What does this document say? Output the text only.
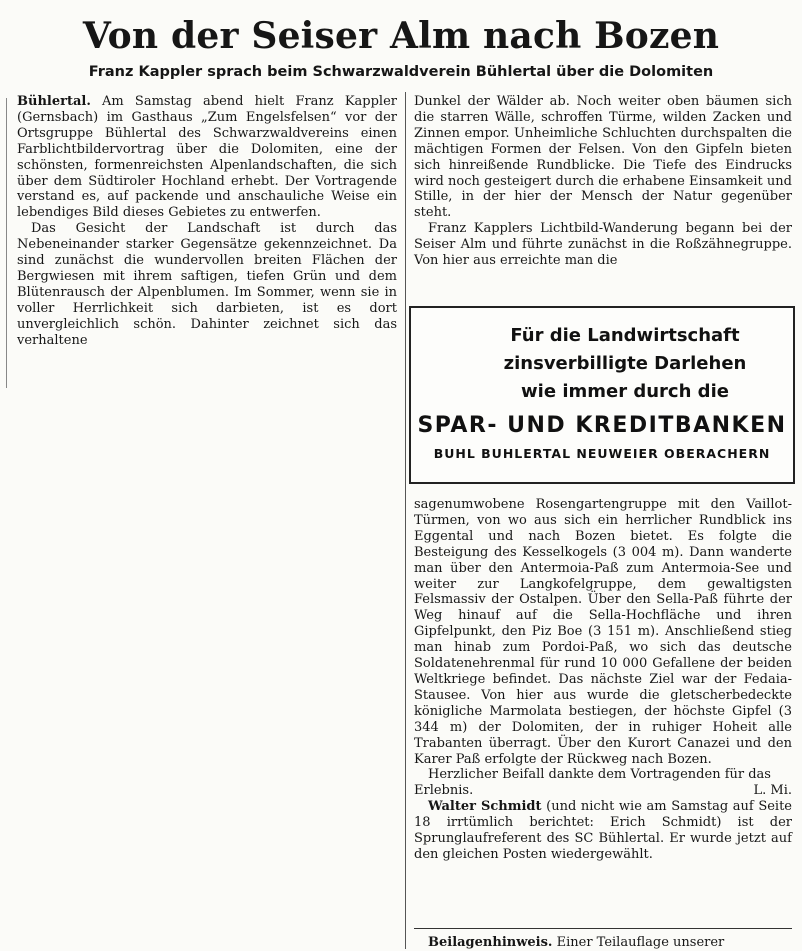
Von der Seiser Alm nach Bozen
Franz Kappler sprach beim Schwarzwaldverein Bühlertal über die Dolomiten

Bühlertal. Am Samstag abend hielt Franz Kappler (Gernsbach) im Gasthaus „Zum Engelsfelsen“ vor der Ortsgruppe Bühlertal des Schwarzwaldvereins einen Farblichtbildervortrag über die Dolomiten, eine der schönsten, formenreichsten Alpenlandschaften, die sich über dem Südtiroler Hochland erhebt. Der Vortragende verstand es, auf packende und anschauliche Weise ein lebendiges Bild dieses Gebietes zu entwerfen.

Das Gesicht der Landschaft ist durch das Nebeneinander starker Gegensätze gekennzeichnet. Da sind zunächst die wundervollen breiten Flächen der Bergwiesen mit ihrem saftigen, tiefen Grün und dem Blütenrausch der Alpenblumen. Im Sommer, wenn sie in voller Herrlichkeit sich darbieten, ist es dort unvergleichlich schön. Dahinter zeichnet sich das verhaltene

Dunkel der Wälder ab. Noch weiter oben bäumen sich die starren Wälle, schroffen Türme, wilden Zacken und Zinnen empor. Unheimliche Schluchten durchspalten die mächtigen Formen der Felsen. Von den Gipfeln bieten sich hinreißende Rundblicke. Die Tiefe des Eindrucks wird noch gesteigert durch die erhabene Einsamkeit und Stille, in der hier der Mensch der Natur gegenüber steht.

Franz Kapplers Lichtbild-Wanderung begann bei der Seiser Alm und führte zunächst in die Roßzähnegruppe. Von hier aus erreichte man die

Für die Landwirtschaft
zinsverbilligte Darlehen
wie immer durch die
SPAR- UND KREDITBANKEN
BUHL BUHLERTAL NEUWEIER OBERACHERN

sagenumwobene Rosengartengruppe mit den Vaillot-Türmen, von wo aus sich ein herrlicher Rundblick ins Eggental und nach Bozen bietet. Es folgte die Besteigung des Kesselkogels (3 004 m). Dann wanderte man über den Antermoia-Paß zum Antermoia-See und weiter zur Langkofelgruppe, dem gewaltigsten Felsmassiv der Ostalpen. Über den Sella-Paß führte der Weg hinauf auf die Sella-Hochfläche und ihren Gipfelpunkt, den Piz Boe (3 151 m). Anschließend stieg man hinab zum Pordoi-Paß, wo sich das deutsche Soldatenehrenmal für rund 10 000 Gefallene der beiden Weltkriege befindet. Das nächste Ziel war der Fedaia-Stausee. Von hier aus wurde die gletscherbedeckte königliche Marmolata bestiegen, der höchste Gipfel (3 344 m) der Dolomiten, der in ruhiger Hoheit alle Trabanten überragt. Über den Kurort Canazei und den Karer Paß erfolgte der Rückweg nach Bozen.

Herzlicher Beifall dankte dem Vortragenden für das Erlebnis.	L. Mi.

Walter Schmidt (und nicht wie am Samstag auf Seite 18 irrtümlich berichtet: Erich Schmidt) ist der Sprunglaufreferent des SC Bühlertal. Er wurde jetzt auf den gleichen Posten wiedergewählt.

Beilagenhinweis. Einer Teilauflage unserer
